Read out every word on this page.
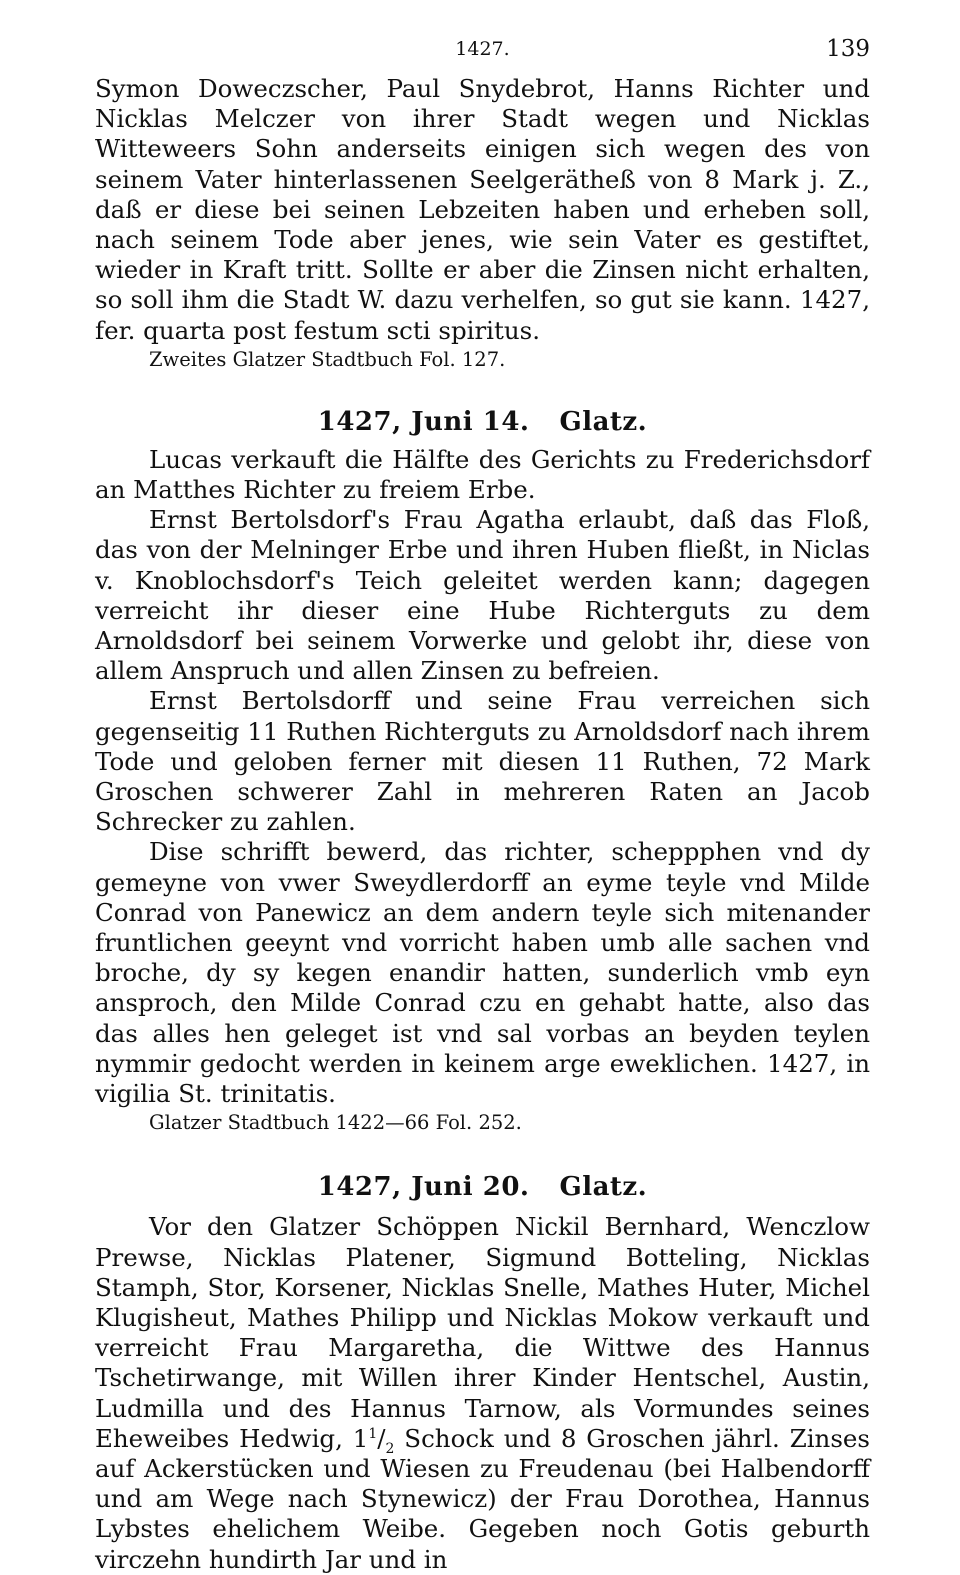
1427.	139

Symon Doweczscher, Paul Snydebrot, Hanns Richter und Nicklas Melczer von ihrer Stadt wegen und Nicklas Witteweers Sohn anderseits einigen sich wegen des von seinem Vater hinterlassenen Seelgerätheß von 8 Mark j. Z., daß er diese bei seinen Lebzeiten haben und erheben soll, nach seinem Tode aber jenes, wie sein Vater es gestiftet, wieder in Kraft tritt. Sollte er aber die Zinsen nicht erhalten, so soll ihm die Stadt W. dazu verhelfen, so gut sie kann. 1427, fer. quarta post festum scti spiritus.

Zweites Glatzer Stadtbuch Fol. 127.

1427, Juni 14. Glatz.

Lucas verkauft die Hälfte des Gerichts zu Frederichsdorf an Matthes Richter zu freiem Erbe.

Ernst Bertolsdorf's Frau Agatha erlaubt, daß das Floß, das von der Melninger Erbe und ihren Huben fließt, in Niclas v. Knoblochsdorf's Teich geleitet werden kann; dagegen verreicht ihr dieser eine Hube Richterguts zu dem Arnoldsdorf bei seinem Vorwerke und gelobt ihr, diese von allem Anspruch und allen Zinsen zu befreien.

Ernst Bertolsdorff und seine Frau verreichen sich gegenseitig 11 Ruthen Richterguts zu Arnoldsdorf nach ihrem Tode und geloben ferner mit diesen 11 Ruthen, 72 Mark Groschen schwerer Zahl in mehreren Raten an Jacob Schrecker zu zahlen.

Dise schrifft bewerd, das richter, scheppphen vnd dy gemeyne von vwer Sweydlerdorff an eyme teyle vnd Milde Conrad von Panewicz an dem andern teyle sich mitenander fruntlichen geeynt vnd vorricht haben umb alle sachen vnd broche, dy sy kegen enandir hatten, sunderlich vmb eyn ansproch, den Milde Conrad czu en gehabt hatte, also das das alles hen geleget ist vnd sal vorbas an beyden teylen nymmir gedocht werden in keinem arge eweklichen. 1427, in vigilia St. trinitatis.

Glatzer Stadtbuch 1422—66 Fol. 252.

1427, Juni 20. Glatz.

Vor den Glatzer Schöppen Nickil Bernhard, Wenczlow Prewse, Nicklas Platener, Sigmund Botteling, Nicklas Stamph, Stor, Korsener, Nicklas Snelle, Mathes Huter, Michel Klugisheut, Mathes Philipp und Nicklas Mokow verkauft und verreicht Frau Margaretha, die Wittwe des Hannus Tschetirwange, mit Willen ihrer Kinder Hentschel, Austin, Ludmilla und des Hannus Tarnow, als Vormundes seines Eheweibes Hedwig, $1^1/_2$ Schock und 8 Groschen jährl. Zinses auf Ackerstücken und Wiesen zu Freudenau (bei Halbendorff und am Wege nach Stynewicz) der Frau Dorothea, Hannus Lybstes ehelichem Weibe. Gegeben noch Gotis geburth virczehn hundirth Jar und in
